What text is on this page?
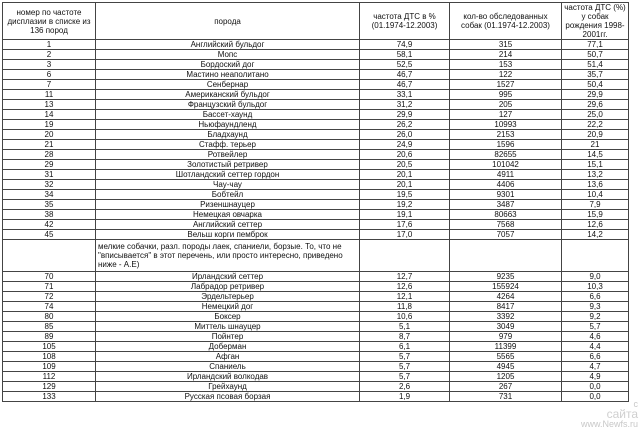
номер по частоте дисплазии в списке из 136 пород	порода	частота ДТС в % (01.1974-12.2003)	кол-во обследованных собак (01.1974-12.2003)	частота ДТС (%) у собак рождения 1998-2001гг.
1	Английский бульдог	74,9	315	77,1
2	Мопс	58,1	214	50,7
3	Бордоский дог	52,5	153	51,4
6	Мастино неаполитано	46,7	122	35,7
7	Сенбернар	46,7	1527	50,4
11	Американский бульдог	33,1	995	29,9
13	Французский бульдог	31,2	205	29,6
14	Бассет-хаунд	29,9	127	25,0
19	Ньюфаундленд	26,2	10993	22,2
20	Бладхаунд	26,0	2153	20,9
21	Стафф. терьер	24,9	1596	21
28	Ротвейлер	20,6	82655	14,5
29	Золотистый ретривер	20,5	101042	15,1
31	Шотландский сеттер гордон	20,1	4911	13,2
32	Чау-чау	20,1	4406	13,6
34	Бобтейл	19,5	9301	10,4
35	Ризеншнауцер	19,2	3487	7,9
38	Немецкая овчарка	19,1	80663	15,9
42	Английский сеттер	17,6	7568	12,6
45	Вельш корги пемброк	17,0	7057	14,2
	мелкие собачки, разл. породы лаек, спаниели, борзые. То, что не "вписывается" в этот перечень, или просто интересно, приведено ниже - А.Е)			
70	Ирландский сеттер	12,7	9235	9,0
71	Лабрадор ретривер	12,6	155924	10,3
72	Эрдельтерьер	12,1	4264	6,6
74	Немецкий дог	11,8	8417	9,3
80	Боксер	10,6	3392	9,2
85	Миттель шнауцер	5,1	3049	5,7
89	Пойнтер	8,7	979	4,6
105	Доберман	6,1	11399	4,4
108	Афган	5,7	5565	6,6
109	Спаниель	5,7	4945	4,7
112	Ирландский волкодав	5,7	1205	4,9
129	Грейхаунд	2,6	267	0,0
133	Русская псовая борзая	1,9	731	0,0
с
сайта
www.Newfs.ru
